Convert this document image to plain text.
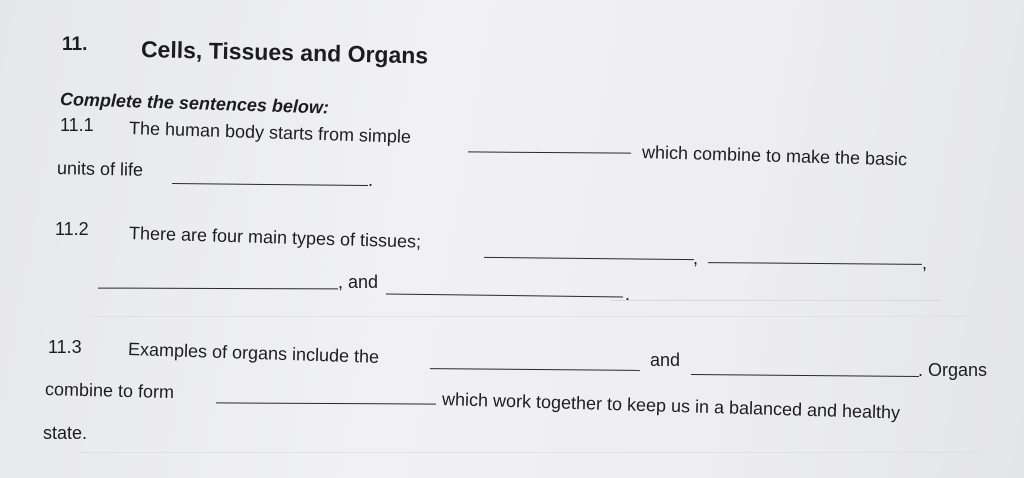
11. Cells, Tissues and Organs
Complete the sentences below:
11.1 The human body starts from simple
which combine to make the basic
units of life
.
11.2 There are four main types of tissues;
,	,
, and
.
11.3	Examples of organs include the	and	. Organs
combine to form	which work together to keep us in a balanced and healthy
state.
